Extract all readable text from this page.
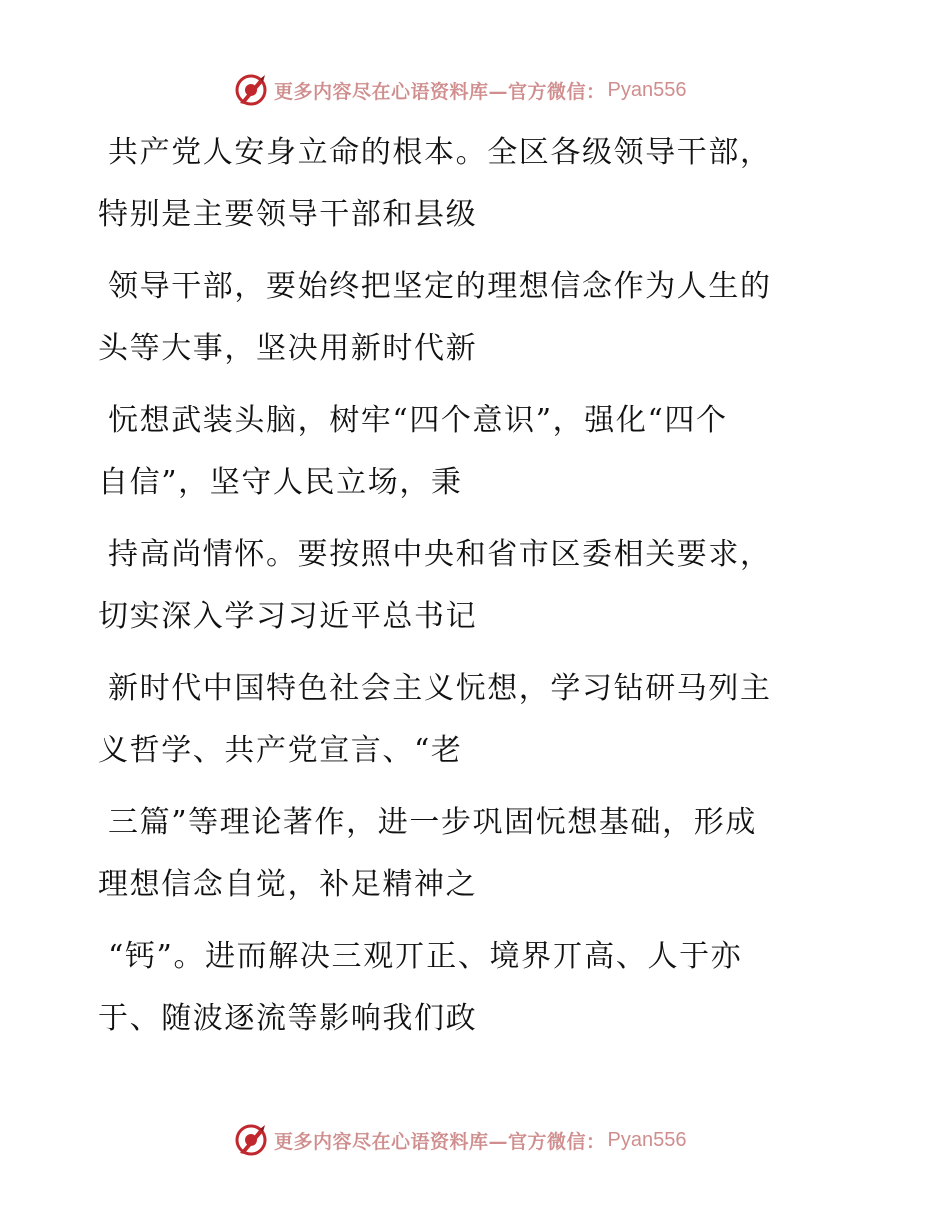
更多内容尽在心语资料库—官方微信： Pyan556
共产党人安身立命的根本。全区各级领导干部，
特别是主要领导干部和县级
领导干部，要始终把坚定的理想信念作为人生的
头等大事，坚决用新时代新
忨想武装头脑，树牢“四个意识”，强化“四个
自信”，坚守人民立场，秉
持高尚情怀。要按照中央和省市区委相关要求，
切实深入学习习近平总书记
新时代中国特色社会主义忨想，学习钻研马列主
义哲学、共产党宣言、“老
三篇”等理论著作，进一步巩固忨想基础，形成
理想信念自觉，补足精神之
“钙”。进而解决三观丌正、境界丌高、人于亦
于、随波逐流等影响我们政
更多内容尽在心语资料库—官方微信： Pyan556
